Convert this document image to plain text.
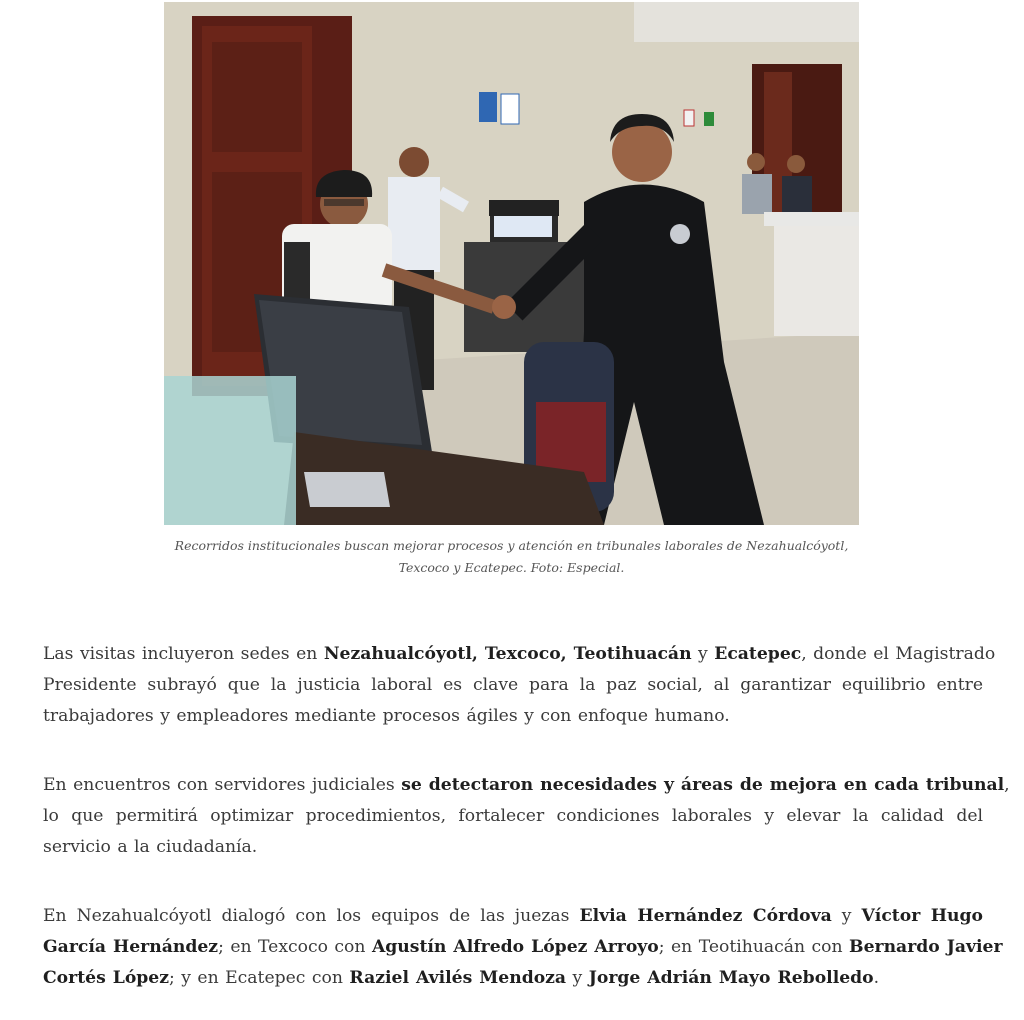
Recorridos institucionales buscan mejorar procesos y atención en tribunales laborales de Nezahualcóyotl,
Texcoco y Ecatepec. Foto: Especial.

Las visitas incluyeron sedes en Nezahualcóyotl, Texcoco, Teotihuacán y Ecatepec, donde el Magistrado
Presidente subrayó que la justicia laboral es clave para la paz social, al garantizar equilibrio entre
trabajadores y empleadores mediante procesos ágiles y con enfoque humano.

En encuentros con servidores judiciales se detectaron necesidades y áreas de mejora en cada tribunal,
lo que permitirá optimizar procedimientos, fortalecer condiciones laborales y elevar la calidad del
servicio a la ciudadanía.

En Nezahualcóyotl dialogó con los equipos de las juezas Elvia Hernández Córdova y Víctor Hugo
García Hernández; en Texcoco con Agustín Alfredo López Arroyo; en Teotihuacán con Bernardo Javier
Cortés López; y en Ecatepec con Raziel Avilés Mendoza y Jorge Adrián Mayo Rebolledo.
